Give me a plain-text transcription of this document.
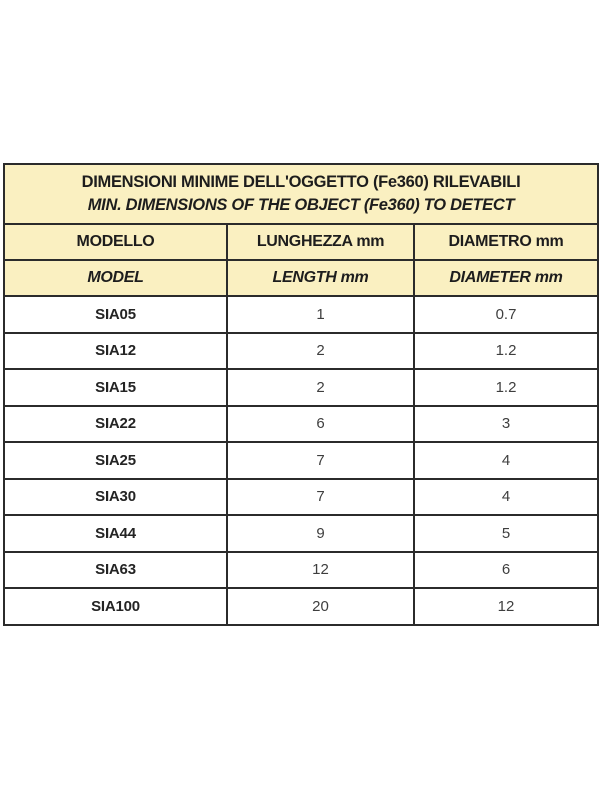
DIMENSIONI MINIME DELL'OGGETTO (Fe360) RILEVABILI
MIN. DIMENSIONS OF THE OBJECT (Fe360) TO DETECT		

MODELLO	LUNGHEZZA mm	DIAMETRO mm
MODEL	LENGTH mm	DIAMETER mm
SIA05	1	0.7
SIA12	2	1.2
SIA15	2	1.2
SIA22	6	3
SIA25	7	4
SIA30	7	4
SIA44	9	5
SIA63	12	6
SIA100	20	12
